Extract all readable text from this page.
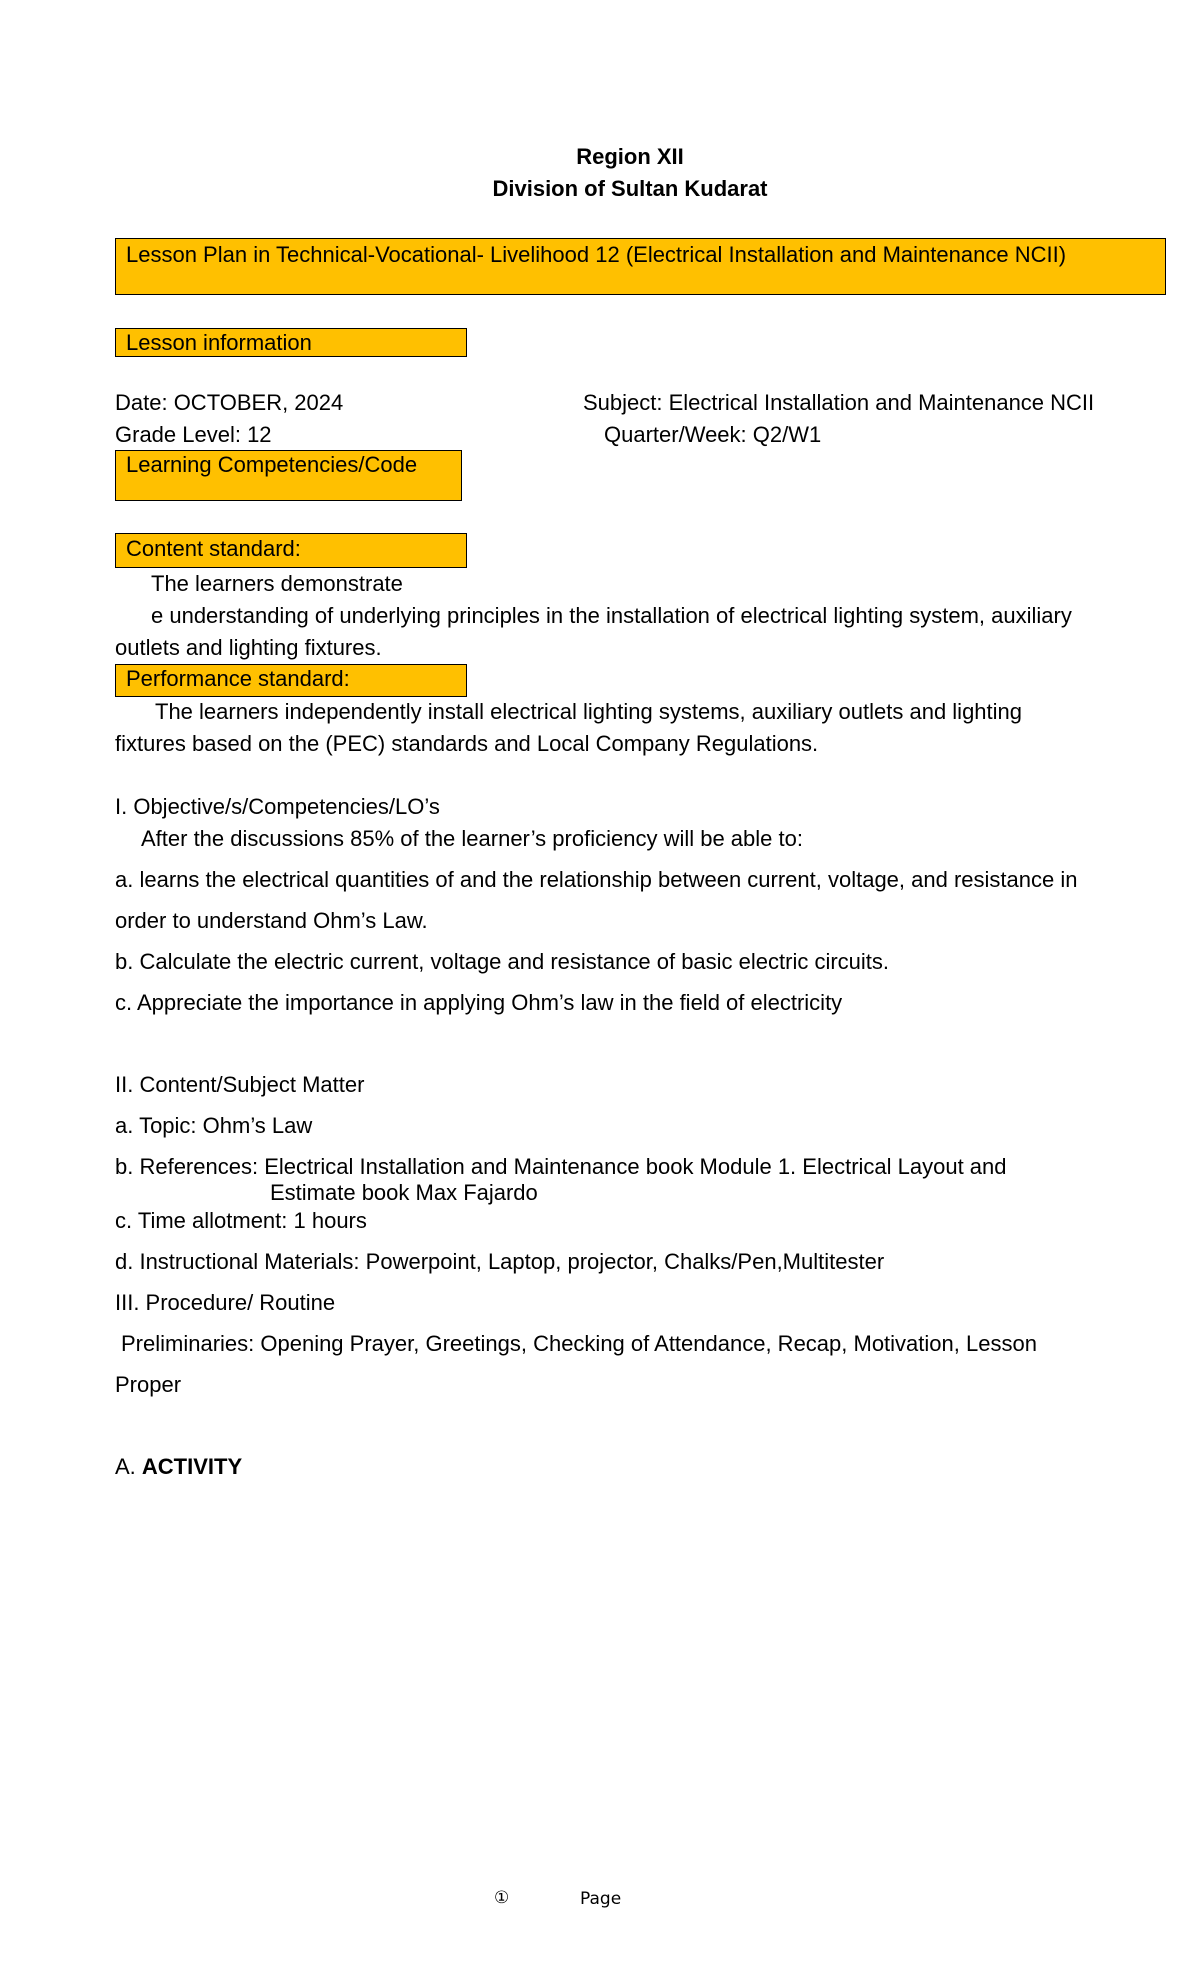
Region XII
Division of Sultan Kudarat
Lesson Plan in Technical-Vocational- Livelihood 12 (Electrical Installation and Maintenance NCII)
Lesson information
Date: OCTOBER, 2024	Subject: Electrical Installation and Maintenance NCII
Grade Level: 12	Quarter/Week: Q2/W1
Learning Competencies/Code
Content standard:
The learners demonstrate
e understanding of underlying principles in the installation of electrical lighting system, auxiliary
outlets and lighting fixtures.
Performance standard:
The learners independently install electrical lighting systems, auxiliary outlets and lighting
fixtures based on the (PEC) standards and Local Company Regulations.
I. Objective/s/Competencies/LO’s
After the discussions 85% of the learner’s proficiency will be able to:
a. learns the electrical quantities of and the relationship between current, voltage, and resistance in
order to understand Ohm’s Law.
b. Calculate the electric current, voltage and resistance of basic electric circuits.
c. Appreciate the importance in applying Ohm’s law in the field of electricity
II. Content/Subject Matter
a. Topic: Ohm’s Law
b. References: Electrical Installation and Maintenance book Module 1. Electrical Layout and
Estimate book Max Fajardo
c. Time allotment: 1 hours
d. Instructional Materials: Powerpoint, Laptop, projector, Chalks/Pen,Multitester
III. Procedure/ Routine
Preliminaries: Opening Prayer, Greetings, Checking of Attendance, Recap, Motivation, Lesson
Proper
A. ACTIVITY
①	Page
